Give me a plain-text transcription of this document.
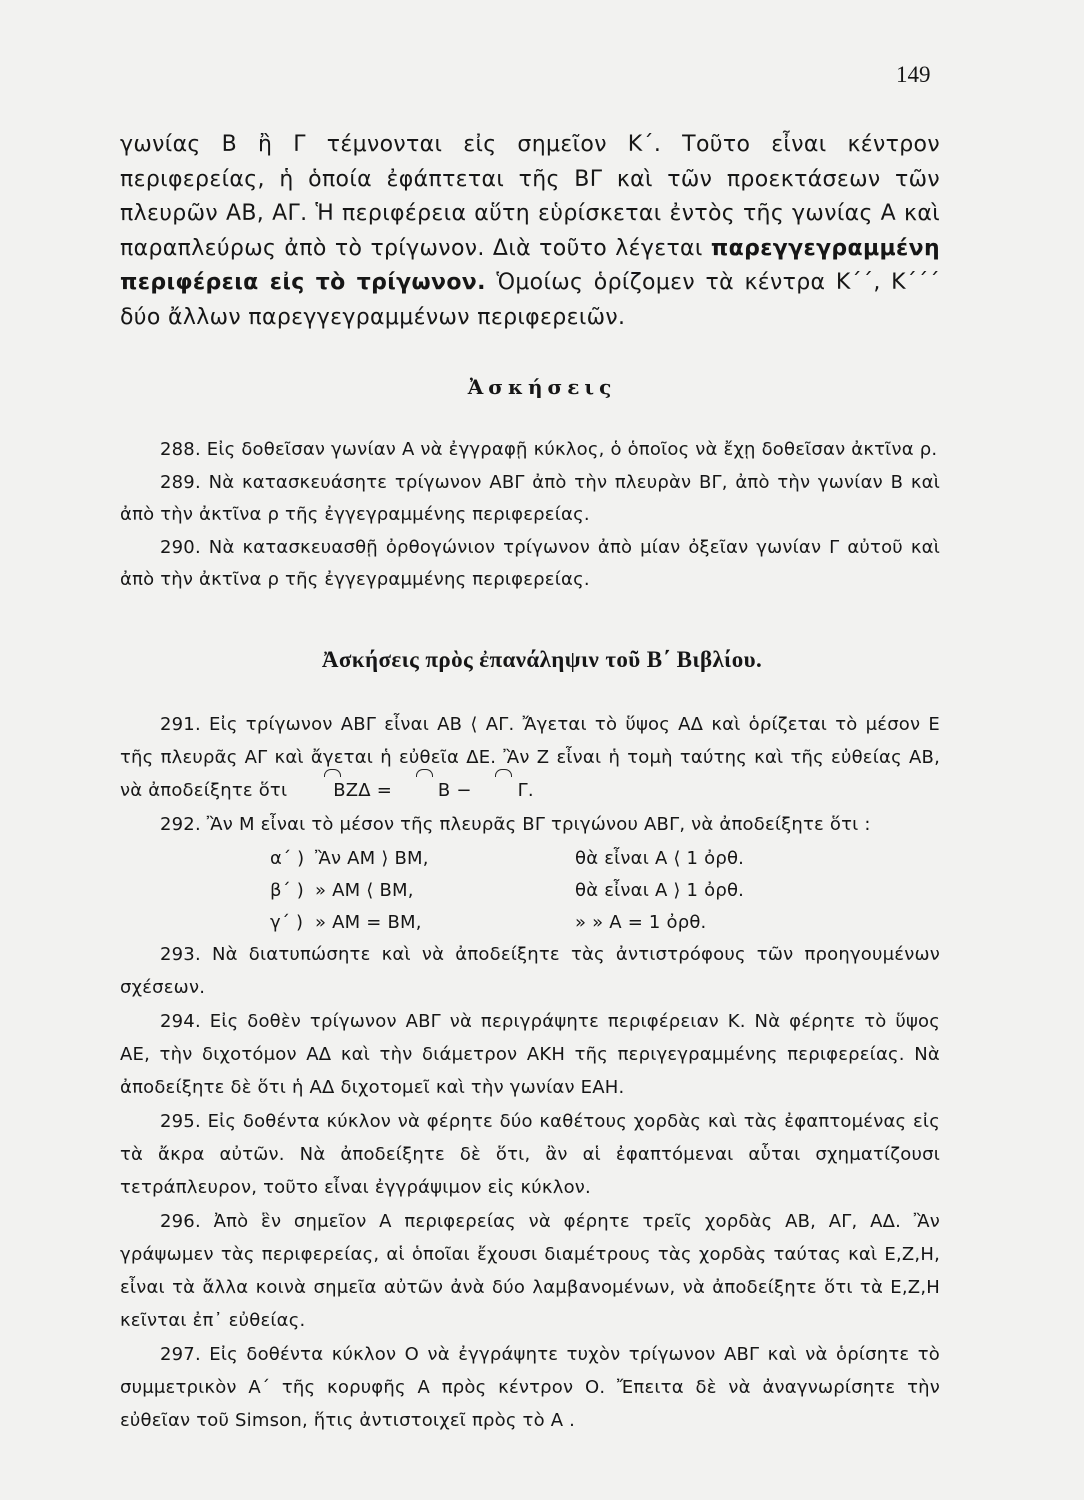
149

γωνίας Β ἢ Γ τέμνονται εἰς σημεῖον Κ΄. Τοῦτο εἶναι κέντρον περιφερείας, ἡ ὁποία ἐφάπτεται τῆς ΒΓ καὶ τῶν προεκτάσεων τῶν πλευρῶν ΑΒ, ΑΓ. Ἡ περιφέρεια αὕτη εὑρίσκεται ἐντὸς τῆς γωνίας Α καὶ παραπλεύρως ἀπὸ τὸ τρίγωνον. Διὰ τοῦτο λέγεται παρεγγεγραμμένη περιφέρεια εἰς τὸ τρίγωνον. Ὁμοίως ὁρίζομεν τὰ κέντρα Κ΄΄, Κ΄΄΄ δύο ἄλλων παρεγγεγραμμένων περιφερειῶν.

Ἀσκήσεις

288. Εἰς δοθεῖσαν γωνίαν Α νὰ ἐγγραφῇ κύκλος, ὁ ὁποῖος νὰ ἔχῃ δοθεῖσαν ἀκτῖνα ρ.

289. Νὰ κατασκευάσητε τρίγωνον ΑΒΓ ἀπὸ τὴν πλευρὰν ΒΓ, ἀπὸ τὴν γωνίαν Β καὶ ἀπὸ τὴν ἀκτῖνα ρ τῆς ἐγγεγραμμένης περιφερείας.

290. Νὰ κατασκευασθῇ ὀρθογώνιον τρίγωνον ἀπὸ μίαν ὀξεῖαν γωνίαν Γ αὐτοῦ καὶ ἀπὸ τὴν ἀκτῖνα ρ τῆς ἐγγεγραμμένης περιφερείας.

Ἀσκήσεις πρὸς ἐπανάληψιν τοῦ Β΄ Βιβλίου.

291. Εἰς τρίγωνον ΑΒΓ εἶναι ΑΒ ⟨ ΑΓ. Ἄγεται τὸ ὕψος ΑΔ καὶ ὁρίζεται τὸ μέσον Ε τῆς πλευρᾶς ΑΓ καὶ ἄγεται ἡ εὐθεῖα ΔΕ. Ἂν Ζ εἶναι ἡ τομὴ ταύτης καὶ τῆς εὐθείας ΑΒ, νὰ ἀποδείξητε ὅτι	ΒΖΔ = Β − Γ.

292. Ἂν Μ εἶναι τὸ μέσον τῆς πλευρᾶς ΒΓ τριγώνου ΑΒΓ, νὰ ἀποδείξητε ὅτι :

α΄ ) Ἂν ΑΜ ⟩ ΒΜ,	θὰ εἶναι Α ⟨ 1 ὀρθ.
β΄ ) » ΑΜ ⟨ ΒΜ,	θὰ εἶναι Α ⟩ 1 ὀρθ.
γ΄ ) » ΑΜ = ΒΜ,	» » Α = 1 ὀρθ.

293. Νὰ διατυπώσητε καὶ νὰ ἀποδείξητε τὰς ἀντιστρόφους τῶν προηγουμένων σχέσεων.

294. Εἰς δοθὲν τρίγωνον ΑΒΓ νὰ περιγράψητε περιφέρειαν Κ. Νὰ φέρητε τὸ ὕψος ΑΕ, τὴν διχοτόμον ΑΔ καὶ τὴν διάμετρον ΑΚΗ τῆς περιγεγραμμένης περιφερείας. Νὰ ἀποδείξητε δὲ ὅτι ἡ ΑΔ διχοτομεῖ καὶ τὴν γωνίαν ΕΑΗ.

295. Εἰς δοθέντα κύκλον νὰ φέρητε δύο καθέτους χορδὰς καὶ τὰς ἐφαπτομένας εἰς τὰ ἄκρα αὐτῶν. Νὰ ἀποδείξητε δὲ ὅτι, ἂν αἱ ἐφαπτόμεναι αὗται σχηματίζουσι τετράπλευρον, τοῦτο εἶναι ἐγγράψιμον εἰς κύκλον.

296. Ἀπὸ ἓν σημεῖον Α περιφερείας νὰ φέρητε τρεῖς χορδὰς ΑΒ, ΑΓ, ΑΔ. Ἂν γράψωμεν τὰς περιφερείας, αἱ ὁποῖαι ἔχουσι διαμέτρους τὰς χορδὰς ταύτας καὶ Ε,Ζ,Η, εἶναι τὰ ἄλλα κοινὰ σημεῖα αὐτῶν ἀνὰ δύο λαμβανομένων, νὰ ἀποδείξητε ὅτι τὰ Ε,Ζ,Η κεῖνται ἐπ᾿ εὐθείας.

297. Εἰς δοθέντα κύκλον Ο νὰ ἐγγράψητε τυχὸν τρίγωνον ΑΒΓ καὶ νὰ ὁρίσητε τὸ συμμετρικὸν Α΄ τῆς κορυφῆς Α πρὸς κέντρον Ο. Ἔπειτα δὲ νὰ ἀναγνωρίσητε τὴν εὐθεῖαν τοῦ Simson, ἥτις ἀντιστοιχεῖ πρὸς τὸ Α .
